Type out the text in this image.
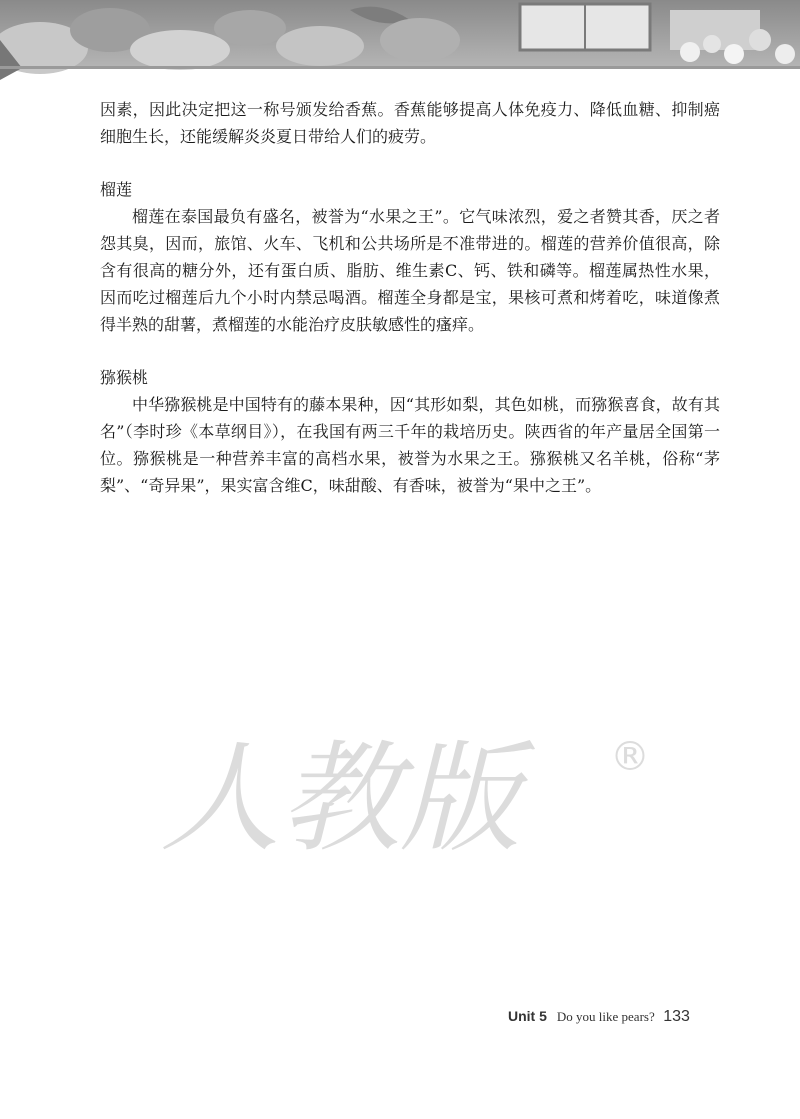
因素，因此决定把这一称号颁发给香蕉。香蕉能够提高人体免疫力、降低血糖、抑制癌细胞生长，还能缓解炎炎夏日带给人们的疲劳。

榴莲

榴莲在泰国最负有盛名，被誉为“水果之王”。它气味浓烈，爱之者赞其香，厌之者怨其臭，因而，旅馆、火车、飞机和公共场所是不准带进的。榴莲的营养价值很高，除含有很高的糖分外，还有蛋白质、脂肪、维生素C、钙、铁和磷等。榴莲属热性水果，因而吃过榴莲后九个小时内禁忌喝酒。榴莲全身都是宝，果核可煮和烤着吃，味道像煮得半熟的甜薯，煮榴莲的水能治疗皮肤敏感性的瘙痒。

猕猴桃

中华猕猴桃是中国特有的藤本果种，因“其形如梨，其色如桃，而猕猴喜食，故有其名”（李时珍《本草纲目》），在我国有两三千年的栽培历史。陕西省的年产量居全国第一位。猕猴桃是一种营养丰富的高档水果，被誉为水果之王。猕猴桃又名羊桃，俗称“茅梨”、“奇异果”，果实富含维C，味甜酸、有香味，被誉为“果中之王”。

人教版	®
Unit 5 Do you like pears? 133
